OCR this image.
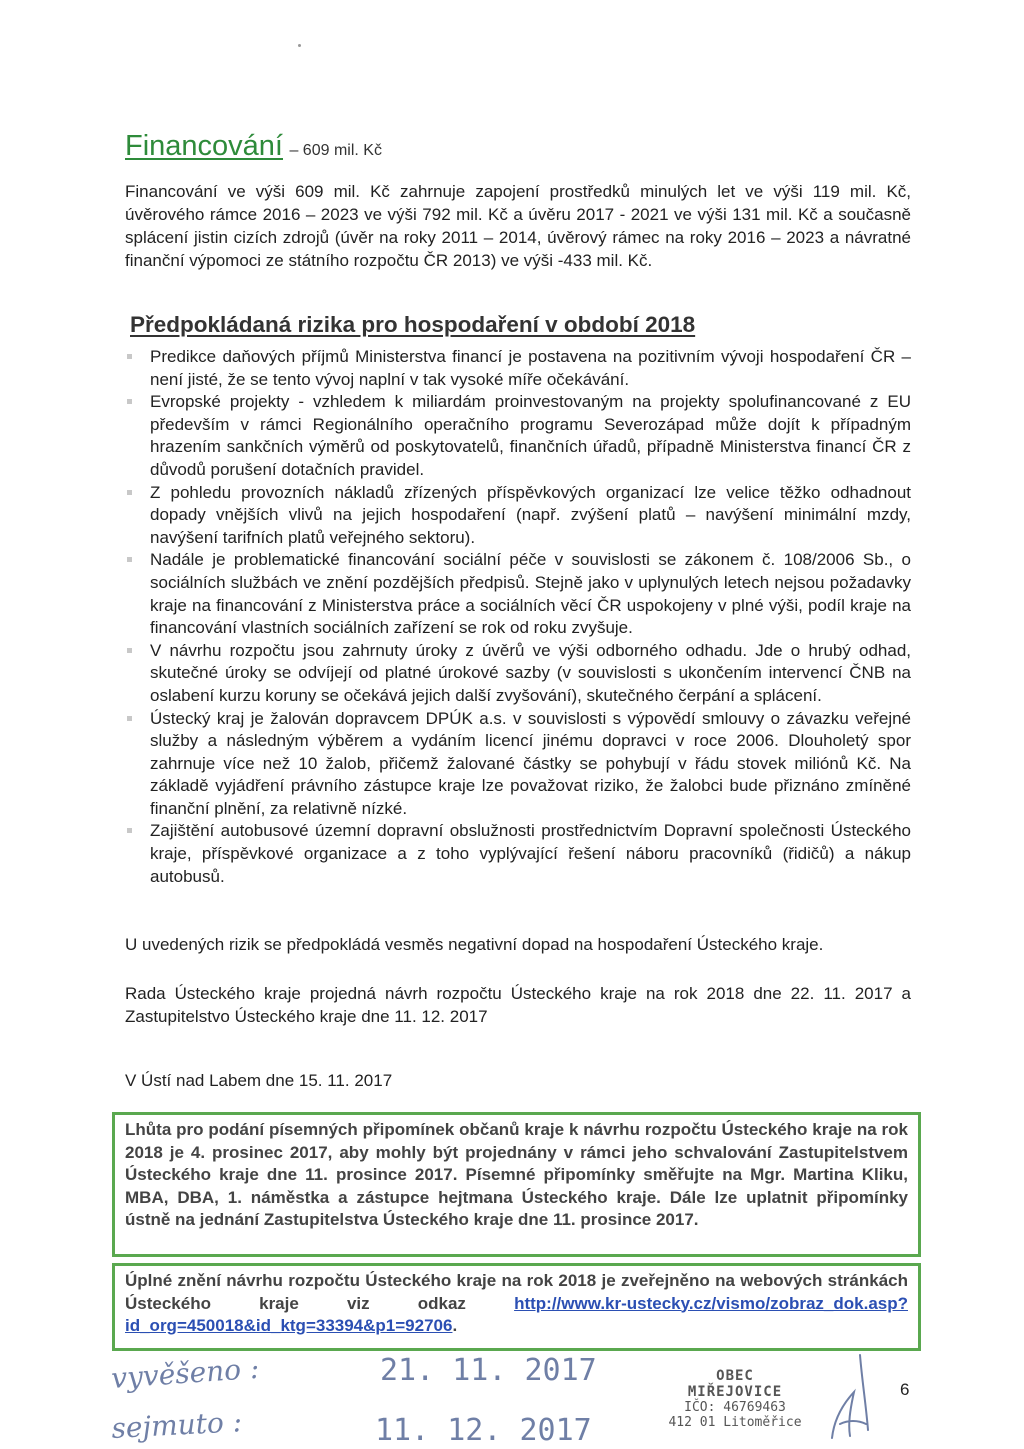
Financování – 609 mil. Kč
Financování ve výši 609 mil. Kč zahrnuje zapojení prostředků minulých let ve výši 119 mil. Kč, úvěrového rámce 2016 – 2023 ve výši 792 mil. Kč a úvěru 2017 - 2021 ve výši 131 mil. Kč a současně splácení jistin cizích zdrojů (úvěr na roky 2011 – 2014, úvěrový rámec na roky 2016 – 2023 a návratné finanční výpomoci ze státního rozpočtu ČR 2013) ve výši -433 mil. Kč.
Předpokládaná rizika pro hospodaření v období 2018
Predikce daňových příjmů Ministerstva financí je postavena na pozitivním vývoji hospodaření ČR – není jisté, že se tento vývoj naplní v tak vysoké míře očekávání.
Evropské projekty - vzhledem k miliardám proinvestovaným na projekty spolufinancované z EU především v rámci Regionálního operačního programu Severozápad může dojít k případným hrazením sankčních výměrů od poskytovatelů, finančních úřadů, případně Ministerstva financí ČR z důvodů porušení dotačních pravidel.
Z pohledu provozních nákladů zřízených příspěvkových organizací lze velice těžko odhadnout dopady vnějších vlivů na jejich hospodaření (např. zvýšení platů – navýšení minimální mzdy, navýšení tarifních platů veřejného sektoru).
Nadále je problematické financování sociální péče v souvislosti se zákonem č. 108/2006 Sb., o sociálních službách ve znění pozdějších předpisů. Stejně jako v uplynulých letech nejsou požadavky kraje na financování z Ministerstva práce a sociálních věcí ČR uspokojeny v plné výši, podíl kraje na financování vlastních sociálních zařízení se rok od roku zvyšuje.
V návrhu rozpočtu jsou zahrnuty úroky z úvěrů ve výši odborného odhadu. Jde o hrubý odhad, skutečné úroky se odvíjejí od platné úrokové sazby (v souvislosti s ukončením intervencí ČNB na oslabení kurzu koruny se očekává jejich další zvyšování), skutečného čerpání a splácení.
Ústecký kraj je žalován dopravcem DPÚK a.s. v souvislosti s výpovědí smlouvy o závazku veřejné služby a následným výběrem a vydáním licencí jinému dopravci v roce 2006. Dlouholetý spor zahrnuje více než 10 žalob, přičemž žalované částky se pohybují v řádu stovek miliónů Kč. Na základě vyjádření právního zástupce kraje lze považovat riziko, že žalobci bude přiznáno zmíněné finanční plnění, za relativně nízké.
Zajištění autobusové územní dopravní obslužnosti prostřednictvím Dopravní společnosti Ústeckého kraje, příspěvkové organizace a z toho vyplývající řešení náboru pracovníků (řidičů) a nákup autobusů.
U uvedených rizik se předpokládá vesměs negativní dopad na hospodaření Ústeckého kraje.
Rada Ústeckého kraje projedná návrh rozpočtu Ústeckého kraje na rok 2018 dne 22. 11. 2017 a Zastupitelstvo Ústeckého kraje dne 11. 12. 2017
V Ústí nad Labem dne 15. 11. 2017
Lhůta pro podání písemných připomínek občanů kraje k návrhu rozpočtu Ústeckého kraje na rok 2018 je 4. prosinec 2017, aby mohly být projednány v rámci jeho schvalování Zastupitelstvem Ústeckého kraje dne 11. prosince 2017. Písemné připomínky směřujte na Mgr. Martina Kliku, MBA, DBA, 1. náměstka a zástupce hejtmana Ústeckého kraje. Dále lze uplatnit připomínky ústně na jednání Zastupitelstva Ústeckého kraje dne 11. prosince 2017.
Úplné znění návrhu rozpočtu Ústeckého kraje na rok 2018 je zveřejněno na webových stránkách Ústeckého kraje viz odkaz	http://www.kr-ustecky.cz/vismo/zobraz_dok.asp?id_org=450018&id_ktg=33394&p1=92706.
vyvěšeno :	21. 11. 2017
sejmuto :	11. 12. 2017
OBEC MIŘEJOVICE
IČO: 46769463
412 01 Litoměřice
6
